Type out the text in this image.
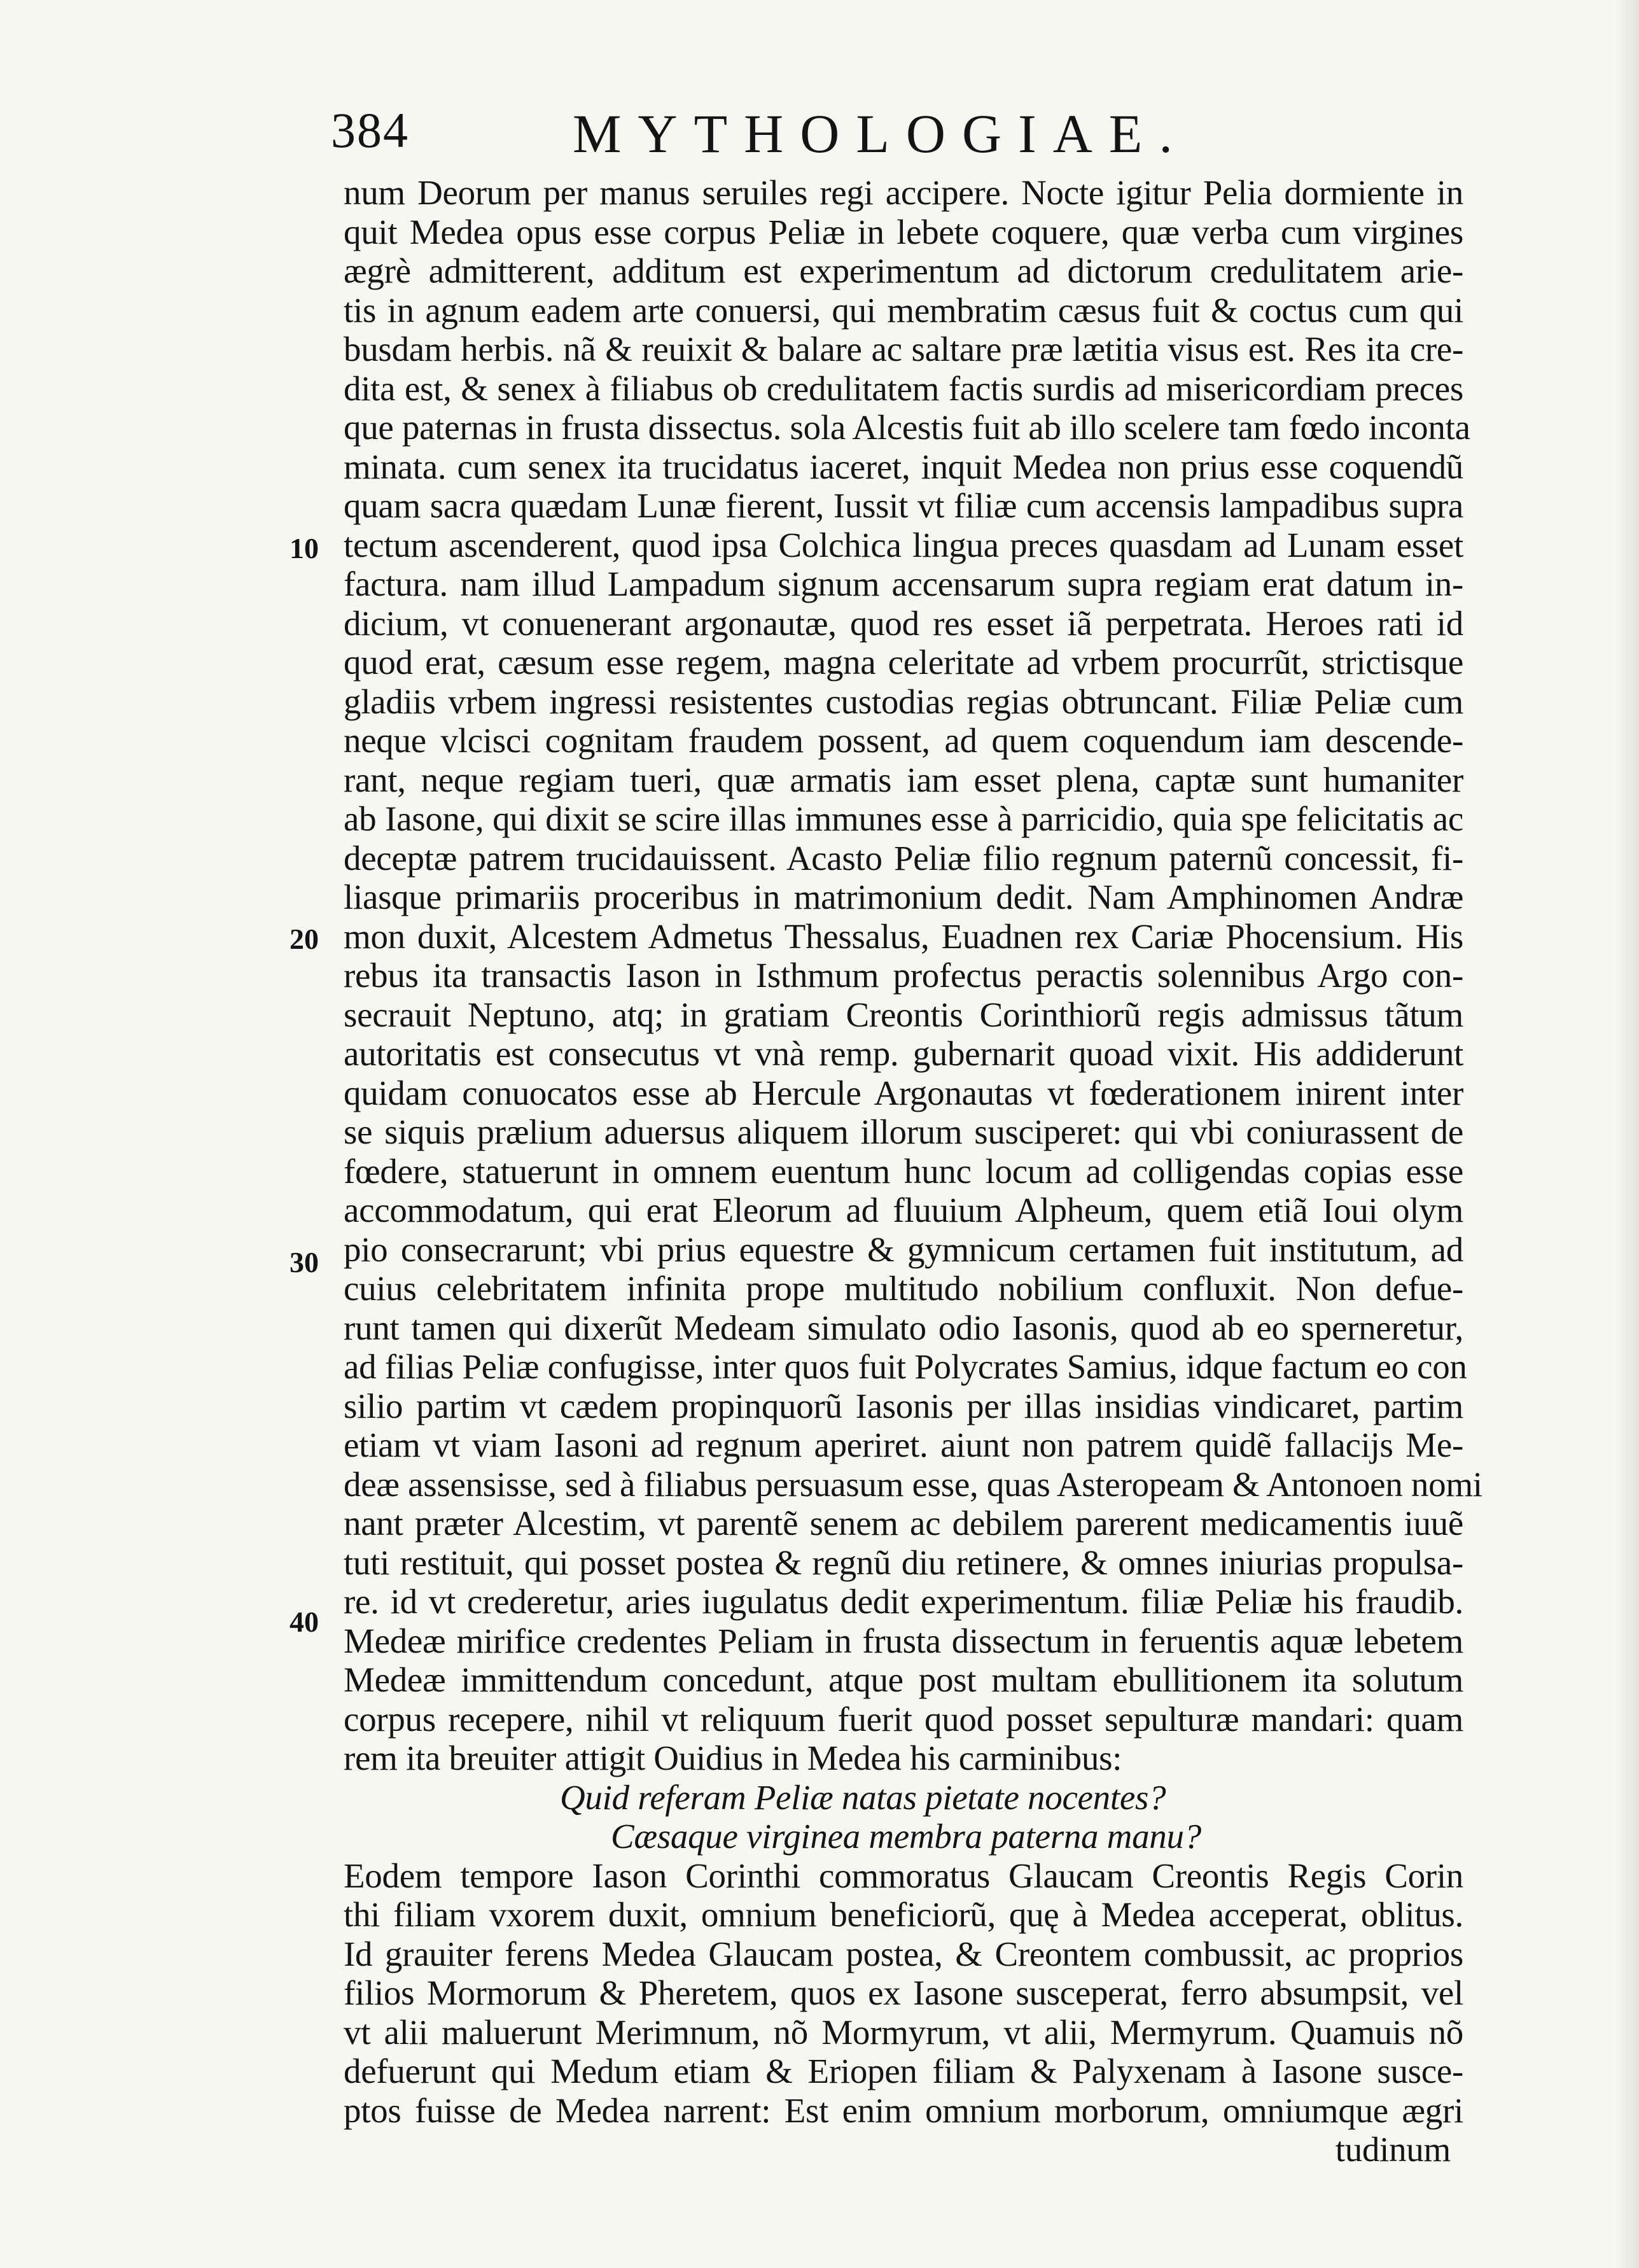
384	MYTHOLOGIAE.
10
20
30
40
num Deorum per manus seruiles regi accipere. Nocte igitur Pelia dormiente in
quit Medea opus esse corpus Peliæ in lebete coquere, quæ verba cum virgines
ægrè admitterent, additum est experimentum ad dictorum credulitatem arie-
tis in agnum eadem arte conuersi, qui membratim cæsus fuit & coctus cum qui
busdam herbis. nã & reuixit & balare ac saltare præ lætitia visus est. Res ita cre-
dita est, & senex à filiabus ob credulitatem factis surdis ad misericordiam preces
que paternas in frusta dissectus. sola Alcestis fuit ab illo scelere tam fœdo inconta
minata. cum senex ita trucidatus iaceret, inquit Medea non prius esse coquendũ
quam sacra quædam Lunæ fierent, Iussit vt filiæ cum accensis lampadibus supra
tectum ascenderent, quod ipsa Colchica lingua preces quasdam ad Lunam esset
factura. nam illud Lampadum signum accensarum supra regiam erat datum in-
dicium, vt conuenerant argonautæ, quod res esset iã perpetrata. Heroes rati id
quod erat, cæsum esse regem, magna celeritate ad vrbem procurrũt, strictisque
gladiis vrbem ingressi resistentes custodias regias obtruncant. Filiæ Peliæ cum
neque vlcisci cognitam fraudem possent, ad quem coquendum iam descende-
rant, neque regiam tueri, quæ armatis iam esset plena, captæ sunt humaniter
ab Iasone, qui dixit se scire illas immunes esse à parricidio, quia spe felicitatis ac
deceptæ patrem trucidauissent. Acasto Peliæ filio regnum paternũ concessit, fi-
liasque primariis proceribus in matrimonium dedit. Nam Amphinomen Andræ
mon duxit, Alcestem Admetus Thessalus, Euadnen rex Cariæ Phocensium. His
rebus ita transactis Iason in Isthmum profectus peractis solennibus Argo con-
secrauit Neptuno, atq; in gratiam Creontis Corinthiorũ regis admissus tãtum
autoritatis est consecutus vt vnà remp. gubernarit quoad vixit. His addiderunt
quidam conuocatos esse ab Hercule Argonautas vt fœderationem inirent inter
se siquis prælium aduersus aliquem illorum susciperet: qui vbi coniurassent de
fœdere, statuerunt in omnem euentum hunc locum ad colligendas copias esse
accommodatum, qui erat Eleorum ad fluuium Alpheum, quem etiã Ioui olym
pio consecrarunt; vbi prius equestre & gymnicum certamen fuit institutum, ad
cuius celebritatem infinita prope multitudo nobilium confluxit. Non defue-
runt tamen qui dixerũt Medeam simulato odio Iasonis, quod ab eo sperneretur,
ad filias Peliæ confugisse, inter quos fuit Polycrates Samius, idque factum eo con
silio partim vt cædem propinquorũ Iasonis per illas insidias vindicaret, partim
etiam vt viam Iasoni ad regnum aperiret. aiunt non patrem quidẽ fallacijs Me-
deæ assensisse, sed à filiabus persuasum esse, quas Asteropeam & Antonoen nomi
nant præter Alcestim, vt parentẽ senem ac debilem parerent medicamentis iuuẽ
tuti restituit, qui posset postea & regnũ diu retinere, & omnes iniurias propulsa-
re. id vt crederetur, aries iugulatus dedit experimentum. filiæ Peliæ his fraudib.
Medeæ mirifice credentes Peliam in frusta dissectum in feruentis aquæ lebetem
Medeæ immittendum concedunt, atque post multam ebullitionem ita solutum
corpus recepere, nihil vt reliquum fuerit quod posset sepulturæ mandari: quam
rem ita breuiter attigit Ouidius in Medea his carminibus:
Quid referam Peliæ natas pietate nocentes?
Cæsaque virginea membra paterna manu?
Eodem tempore Iason Corinthi commoratus Glaucam Creontis Regis Corin
thi filiam vxorem duxit, omnium beneficiorũ, quę à Medea acceperat, oblitus.
Id grauiter ferens Medea Glaucam postea, & Creontem combussit, ac proprios
filios Mormorum & Pheretem, quos ex Iasone susceperat, ferro absumpsit, vel
vt alii maluerunt Merimnum, nõ Mormyrum, vt alii, Mermyrum. Quamuis nõ
defuerunt qui Medum etiam & Eriopen filiam & Palyxenam à Iasone susce-
ptos fuisse de Medea narrent: Est enim omnium morborum, omniumque ægri
tudinum
